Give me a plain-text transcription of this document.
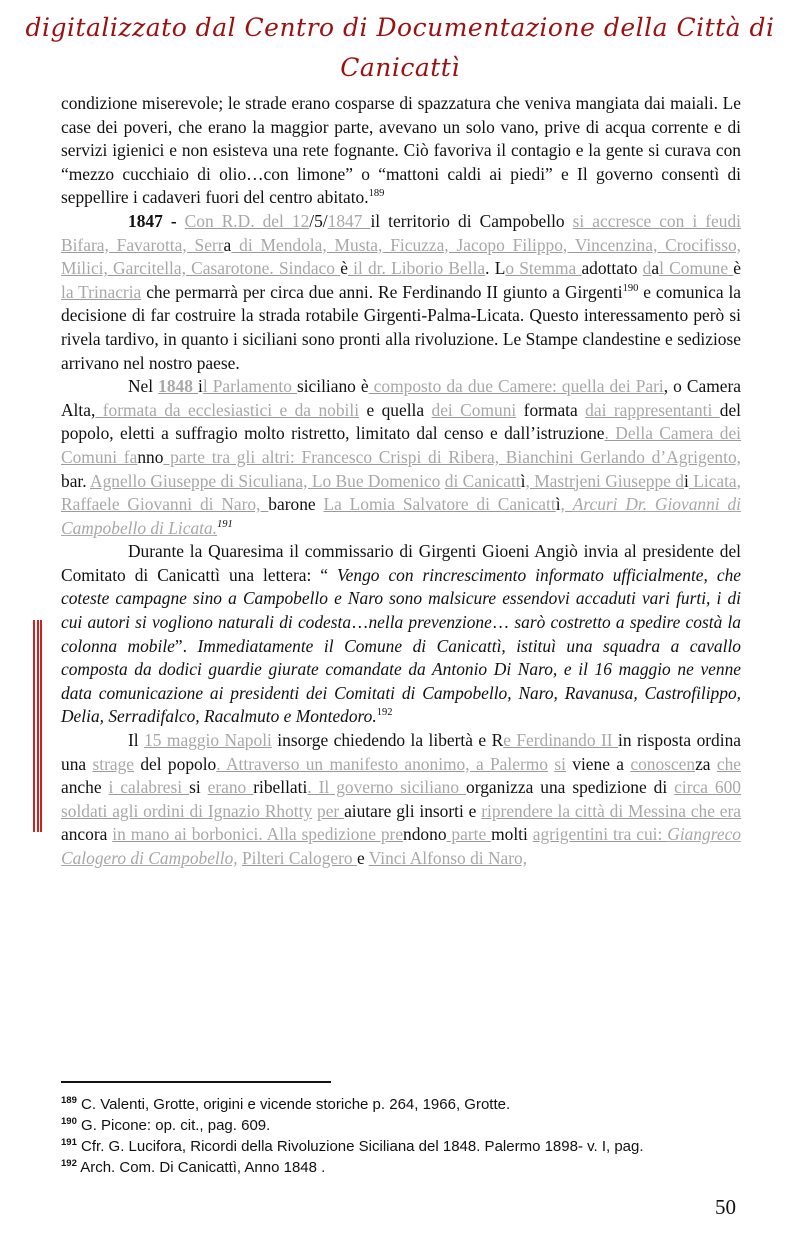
digitalizzato dal Centro di Documentazione della Città di Canicattì

condizione miserevole; le strade erano cosparse di spazzatura che veniva mangiata dai maiali. Le case dei poveri, che erano la maggior parte, avevano un solo vano, prive di acqua corrente e di servizi igienici e non esisteva una rete fognante. Ciò favoriva il contagio e la gente si curava con “mezzo cucchiaio di olio…con limone” o “mattoni caldi ai piedi” e Il governo consentì di seppellire i cadaveri fuori del centro abitato.$^{189}$

1847 - Con R.D. del 12/5/1847 il territorio di Campobello si accresce con i feudi Bifara, Favarotta, Serra di Mendola, Musta, Ficuzza, Jacopo Filippo, Vincenzina, Crocifisso, Milici, Garcitella, Casarotone. Sindaco è il dr. Liborio Bella. Lo Stemma adottato dal Comune è la Trinacria che permarrà per circa due anni. Re Ferdinando II giunto a Girgenti$^{190}$ e comunica la decisione di far costruire la strada rotabile Girgenti-Palma-Licata. Questo interessamento però si rivela tardivo, in quanto i siciliani sono pronti alla rivoluzione. Le Stampe clandestine e sediziose arrivano nel nostro paese.

Nel 1848 il Parlamento siciliano è composto da due Camere: quella dei Pari, o Camera Alta, formata da ecclesiastici e da nobili e quella dei Comuni formata dai rappresentanti del popolo, eletti a suffragio molto ristretto, limitato dal censo e dall’istruzione. Della Camera dei Comuni fanno parte tra gli altri: Francesco Crispi di Ribera, Bianchini Gerlando d’Agrigento, bar. Agnello Giuseppe di Siculiana, Lo Bue Domenico di Canicattì, Mastrjeni Giuseppe di Licata, Raffaele Giovanni di Naro, barone La Lomia Salvatore di Canicattì, Arcuri Dr. Giovanni di Campobello di Licata.$^{191}$

Durante la Quaresima il commissario di Girgenti Gioeni Angiò invia al presidente del Comitato di Canicattì una lettera: “ Vengo con rincrescimento informato ufficialmente, che coteste campagne sino a Campobello e Naro sono malsicure essendovi accaduti vari furti, i di cui autori si vogliono naturali di codesta…nella prevenzione… sarò costretto a spedire costà la colonna mobile”. Immediatamente il Comune di Canicattì, istituì una squadra a cavallo composta da dodici guardie giurate comandate da Antonio Di Naro, e il 16 maggio ne venne data comunicazione ai presidenti dei Comitati di Campobello, Naro, Ravanusa, Castrofilippo, Delia, Serradifalco, Racalmuto e Montedoro.$^{192}$

Il 15 maggio Napoli insorge chiedendo la libertà e Re Ferdinando II in risposta ordina una strage del popolo. Attraverso un manifesto anonimo, a Palermo si viene a conoscenza che anche i calabresi si erano ribellati. Il governo siciliano organizza una spedizione di circa 600 soldati agli ordini di Ignazio Rhotty per aiutare gli insorti e riprendere la città di Messina che era ancora in mano ai borbonici. Alla spedizione prendono parte molti agrigentini tra cui: Giangreco Calogero di Campobello, Pilteri Calogero e Vinci Alfonso di Naro,

$^{189}$ C. Valenti, Grotte, origini e vicende storiche p. 264, 1966, Grotte.
$^{190}$ G. Picone: op. cit., pag. 609.
$^{191}$ Cfr. G. Lucifora, Ricordi della Rivoluzione Siciliana del 1848. Palermo 1898- v. I, pag.
$^{192}$ Arch. Com. Di Canicattì, Anno 1848 .
50
